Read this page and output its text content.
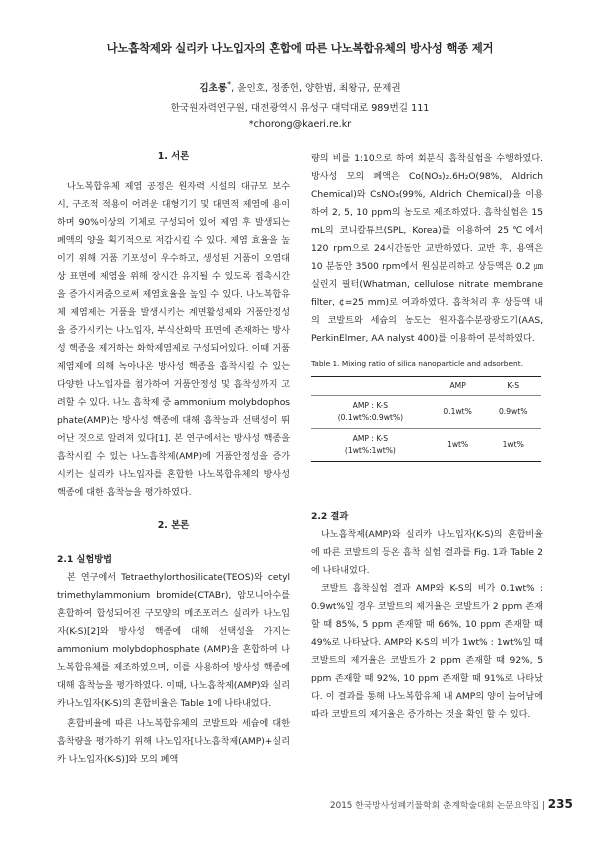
나노흡착제와 실리카 나노입자의 혼합에 따른 나노복합유체의 방사성 핵종 제거
김초롱*, 윤인호, 정종헌, 양한범, 최왕규, 문제권
한국원자력연구원, 대전광역시 유성구 대덕대로 989번길 111
*chorong@kaeri.re.kr

1. 서론

나노복합유체 제염 공정은 원자력 시설의 대규모 보수 시, 구조적 적용이 어려운 대형기기 및 대면적 제염에 용이하며 90%이상의 기체로 구성되어 있어 제염 후 발생되는 폐액의 양을 획기적으로 저감시킬 수 있다. 제염 효율을 높이기 위해 거품 기포성이 우수하고, 생성된 거품이 오염대상 표면에 제염을 위해 장시간 유지될 수 있도록 접촉시간을 증가시켜줌으로써 제염효율을 높일 수 있다. 나노복합유체 제염제는 거품을 발생시키는 계면활성제와 거품안정성을 증가시키는 나노입자, 부식산화막 표면에 존재하는 방사성 핵종을 제거하는 화학제염제로 구성되어있다. 이때 거품제염제에 의해 녹아나온 방사성 핵종을 흡착시킬 수 있는 다양한 나노입자를 첨가하여 거품안정성 및 흡착성까지 고려할 수 있다. 나노 흡착제 중 ammonium molybdophos phate(AMP)는 방사성 핵종에 대해 흡착능과 선택성이 뛰어난 것으로 알려져 있다[1]. 본 연구에서는 방사성 핵종을 흡착시킬 수 있는 나노흡착제(AMP)에 거품안정성을 증가시키는 실리카 나노입자를 혼합한 나노복합유체의 방사성 핵종에 대한 흡착능을 평가하였다.

2. 본론

2.1 실험방법

본 연구에서 Tetraethylorthosilicate(TEOS)와 cetyl trimethylammonium bromide(CTABr), 암모니아수를 혼합하여 합성되어진 구모양의 메조포러스 실리카 나노입자(K-S)[2]와 방사성 핵종에 대해 선택성을 가지는 ammonium molybdophosphate (AMP)을 혼합하여 나노복합유체를 제조하였으며, 이를 사용하여 방사성 핵종에 대해 흡착능을 평가하였다. 이때, 나노흡착제(AMP)와 실리카나노입자(K-S)의 혼합비율은 Table 1에 나타내었다.

혼합비율에 따른 나노복합유체의 코발트와 세슘에 대한 흡착량을 평가하기 위해 나노입자[나노흡착제(AMP)+실리카 나노입자(K-S)]와 모의 폐액

량의 비를 1:10으로 하여 회분식 흡착실험을 수행하였다. 방사성 모의 폐액은 Co(NO₃)₂.6H₂O(98%, Aldrich Chemical)와 CsNO₃(99%, Aldrich Chemical)을 이용하여 2, 5, 10 ppm의 농도로 제조하였다. 흡착실험은 15 mL의 코니칼튜브(SPL, Korea)를 이용하여 25℃에서 120 rpm으로 24시간동안 교반하였다. 교반 후, 용액은 10 분동안 3500 rpm에서 원심분리하고 상등액은 0.2 ㎛ 실린지 필터(Whatman, cellulose nitrate membrane filter, ¢=25 mm)로 여과하였다. 흡착처리 후 상등액 내의 코발트와 세슘의 농도는 원자흡수분광광도기(AAS, PerkinElmer, AA nalyst 400)를 이용하여 분석하였다.

Table 1. Mixing ratio of silica nanoparticle and adsorbent.

	AMP	K-S
AMP : K-S
(0.1wt%:0.9wt%)	0.1wt%	0.9wt%
AMP : K-S
(1wt%:1wt%)	1wt%	1wt%

2.2 결과

나노흡착제(AMP)와 실리카 나노입자(K-S)의 혼합비율에 따른 코발트의 등온 흡착 실험 결과를 Fig. 1과 Table 2에 나타내었다.

코발트 흡착실험 결과 AMP와 K-S의 비가 0.1wt% : 0.9wt%일 경우 코발트의 제거율은 코발트가 2 ppm 존재할 때 85%, 5 ppm 존재할 때 66%, 10 ppm 존재할 때 49%로 나타났다. AMP와 K-S의 비가 1wt% : 1wt%일 때 코발트의 제거율은 코발트가 2 ppm 존재할 때 92%, 5 ppm 존재할 때 92%, 10 ppm 존재할 때 91%로 나타났다. 이 결과를 통해 나노복합유체 내 AMP의 양이 늘어남에 따라 코발트의 제거율은 증가하는 것을 확인 할 수 있다.

2015 한국방사성폐기물학회 춘계학술대회 논문요약집 | 235
